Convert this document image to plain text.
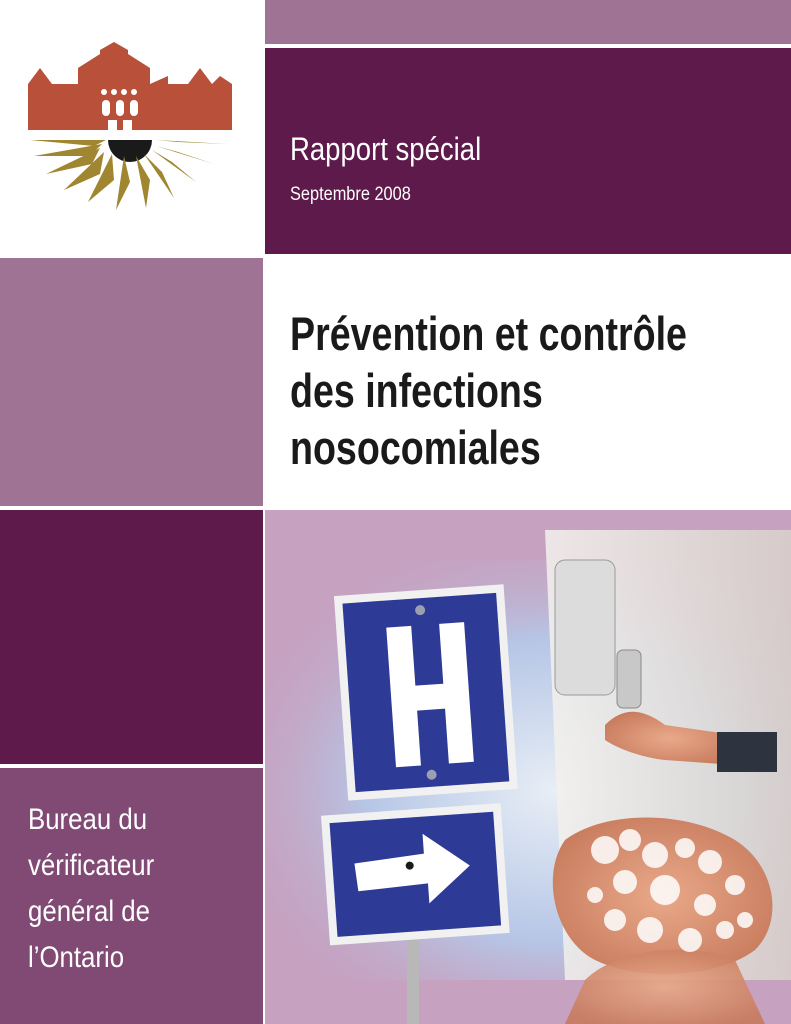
Rapport spécial
Septembre 2008
Prévention et contrôle
des infections
nosocomiales
Bureau du
vérificateur
général de
l’Ontario
